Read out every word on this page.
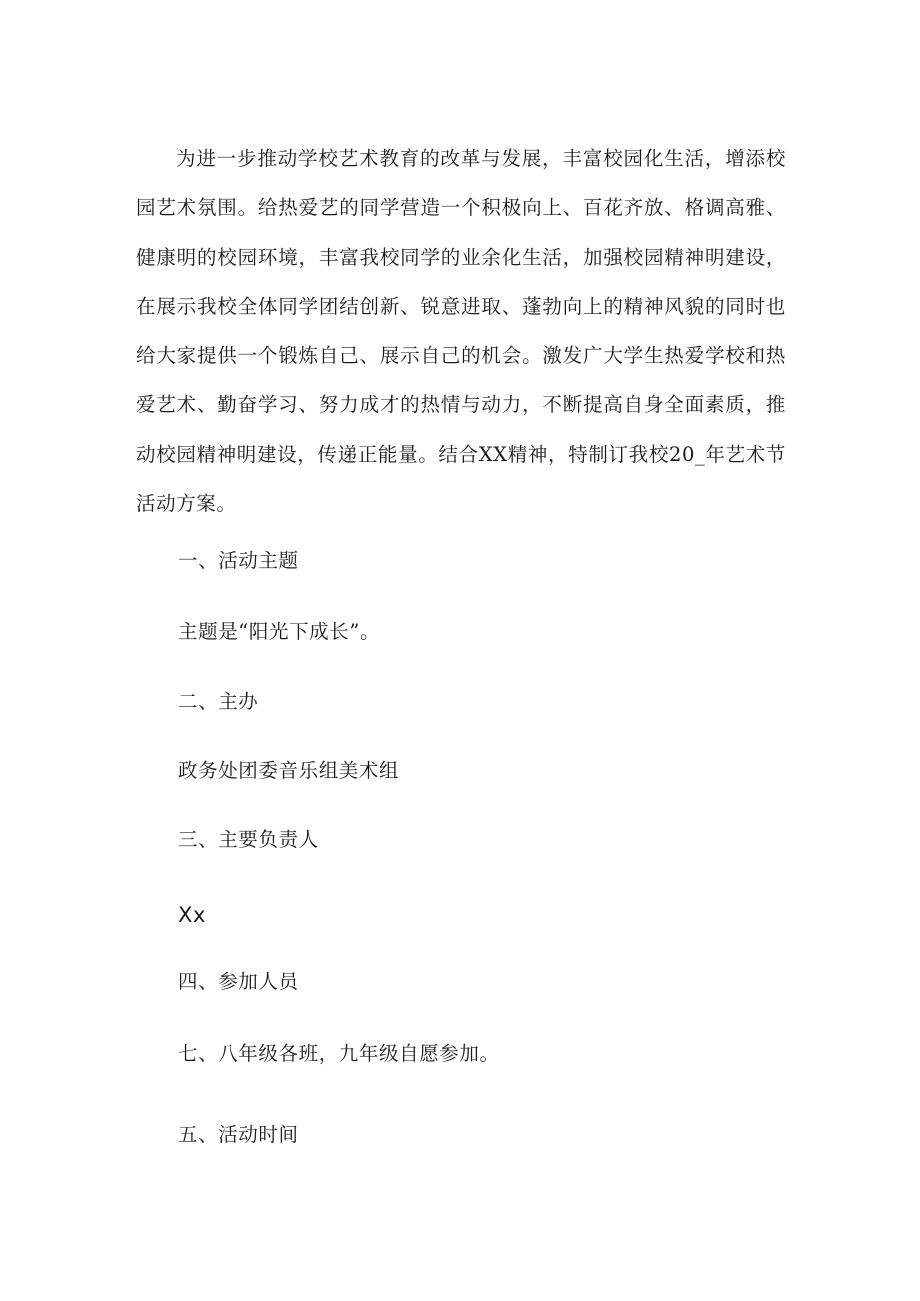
为进一步推动学校艺术教育的改革与发展，丰富校园化生活，增添校园艺术氛围。给热爱艺的同学营造一个积极向上、百花齐放、格调高雅、健康明的校园环境，丰富我校同学的业余化生活，加强校园精神明建设，在展示我校全体同学团结创新、锐意进取、蓬勃向上的精神风貌的同时也给大家提供一个锻炼自己、展示自己的机会。激发广大学生热爱学校和热爱艺术、勤奋学习、努力成才的热情与动力，不断提高自身全面素质，推动校园精神明建设，传递正能量。结合XX精神，特制订我校20_年艺术节活动方案。

一、活动主题

主题是“阳光下成长”。

二、主办

政务处团委音乐组美术组

三、主要负责人

Xx

四、参加人员

七、八年级各班，九年级自愿参加。

五、活动时间
